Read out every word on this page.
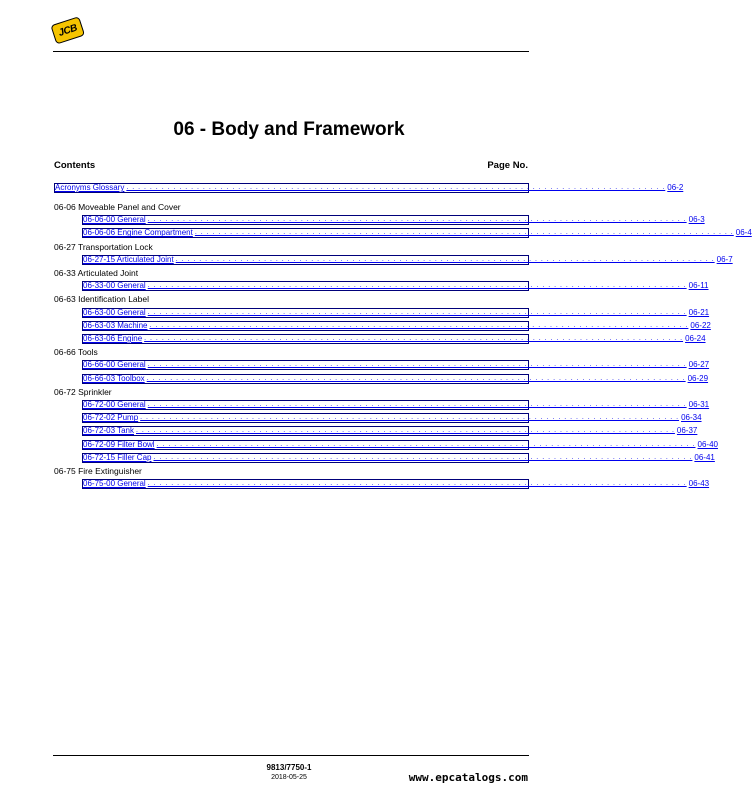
JCB
06 - Body and Framework
Contents	Page No.
9813/7750-1
2018-05-25	www.epcatalogs.com
Acronyms Glossary . . . . . . . . . . . . . . . . . . . . . . . . . . . . . . . . . . . . . . . . . . . . . . . . . . . . . . . . . . . . . . . . . . . . . . . . . . . . . . . . . . . . . . . . . . . . 06-2
06-06 Moveable Panel and Cover
06-06-00 General . . . . . . . . . . . . . . . . . . . . . . . . . . . . . . . . . . . . . . . . . . . . . . . . . . . . . . . . . . . . . . . . . . . . . . . . . . . . . . . . . . . . . . . . . . . . 06-3
06-06-06 Engine Compartment . . . . . . . . . . . . . . . . . . . . . . . . . . . . . . . . . . . . . . . . . . . . . . . . . . . . . . . . . . . . . . . . . . . . . . . . . . . . . . . . . . . . . . . . . . . . 06-4
06-27 Transportation Lock
06-27-15 Articulated Joint . . . . . . . . . . . . . . . . . . . . . . . . . . . . . . . . . . . . . . . . . . . . . . . . . . . . . . . . . . . . . . . . . . . . . . . . . . . . . . . . . . . . . . . . . . . . 06-7
06-33 Articulated Joint
06-33-00 General . . . . . . . . . . . . . . . . . . . . . . . . . . . . . . . . . . . . . . . . . . . . . . . . . . . . . . . . . . . . . . . . . . . . . . . . . . . . . . . . . . . . . . . . . . . . 06-11
06-63 Identification Label
06-63-00 General . . . . . . . . . . . . . . . . . . . . . . . . . . . . . . . . . . . . . . . . . . . . . . . . . . . . . . . . . . . . . . . . . . . . . . . . . . . . . . . . . . . . . . . . . . . . 06-21
06-63-03 Machine . . . . . . . . . . . . . . . . . . . . . . . . . . . . . . . . . . . . . . . . . . . . . . . . . . . . . . . . . . . . . . . . . . . . . . . . . . . . . . . . . . . . . . . . . . . . 06-22
06-63-06 Engine . . . . . . . . . . . . . . . . . . . . . . . . . . . . . . . . . . . . . . . . . . . . . . . . . . . . . . . . . . . . . . . . . . . . . . . . . . . . . . . . . . . . . . . . . . . . 06-24
06-66 Tools
06-66-00 General . . . . . . . . . . . . . . . . . . . . . . . . . . . . . . . . . . . . . . . . . . . . . . . . . . . . . . . . . . . . . . . . . . . . . . . . . . . . . . . . . . . . . . . . . . . . 06-27
06-66-03 Toolbox . . . . . . . . . . . . . . . . . . . . . . . . . . . . . . . . . . . . . . . . . . . . . . . . . . . . . . . . . . . . . . . . . . . . . . . . . . . . . . . . . . . . . . . . . . . . 06-29
06-72 Sprinkler
06-72-00 General . . . . . . . . . . . . . . . . . . . . . . . . . . . . . . . . . . . . . . . . . . . . . . . . . . . . . . . . . . . . . . . . . . . . . . . . . . . . . . . . . . . . . . . . . . . . 06-31
06-72-02 Pump . . . . . . . . . . . . . . . . . . . . . . . . . . . . . . . . . . . . . . . . . . . . . . . . . . . . . . . . . . . . . . . . . . . . . . . . . . . . . . . . . . . . . . . . . . . . 06-34
06-72-03 Tank . . . . . . . . . . . . . . . . . . . . . . . . . . . . . . . . . . . . . . . . . . . . . . . . . . . . . . . . . . . . . . . . . . . . . . . . . . . . . . . . . . . . . . . . . . . . 06-37
06-72-09 Filter Bowl . . . . . . . . . . . . . . . . . . . . . . . . . . . . . . . . . . . . . . . . . . . . . . . . . . . . . . . . . . . . . . . . . . . . . . . . . . . . . . . . . . . . . . . . . . . . 06-40
06-72-15 Filler Cap . . . . . . . . . . . . . . . . . . . . . . . . . . . . . . . . . . . . . . . . . . . . . . . . . . . . . . . . . . . . . . . . . . . . . . . . . . . . . . . . . . . . . . . . . . . . 06-41
06-75 Fire Extinguisher
06-75-00 General . . . . . . . . . . . . . . . . . . . . . . . . . . . . . . . . . . . . . . . . . . . . . . . . . . . . . . . . . . . . . . . . . . . . . . . . . . . . . . . . . . . . . . . . . . . . 06-43
